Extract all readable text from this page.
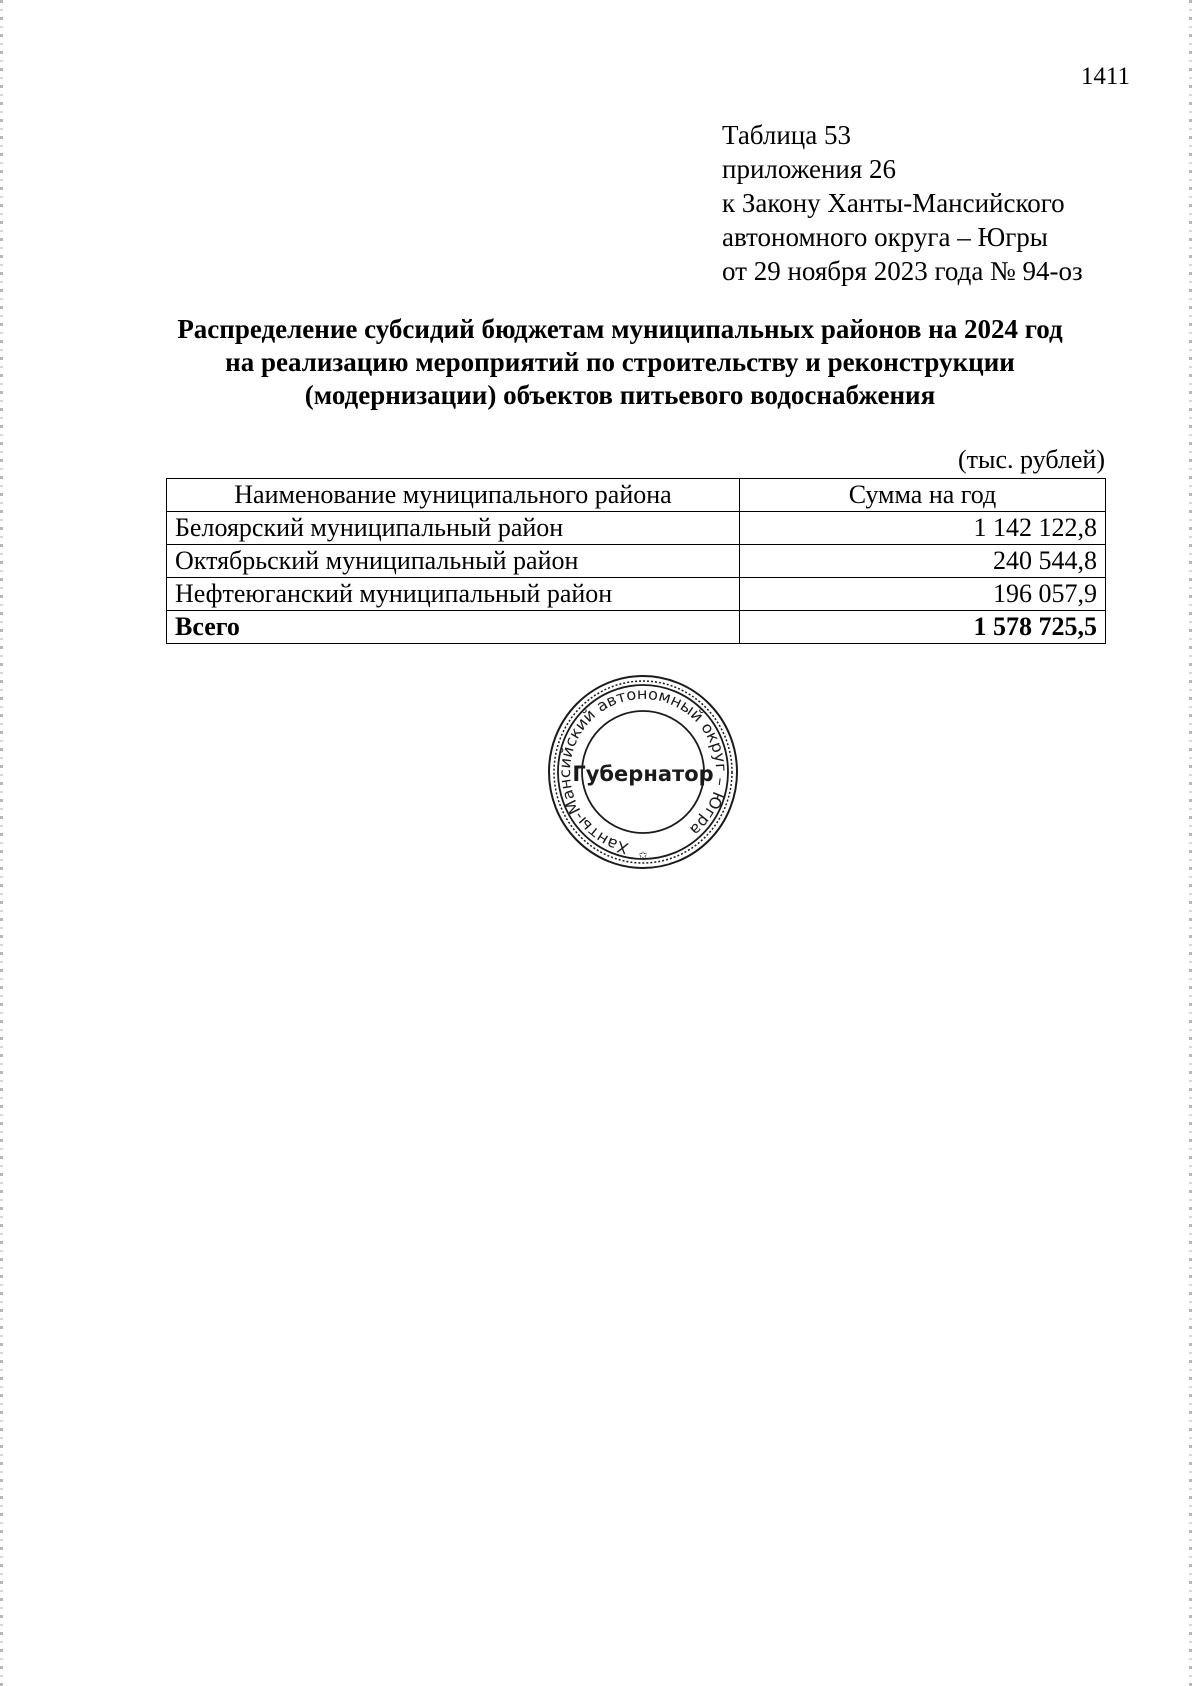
1411
Таблица 53
приложения 26
к Закону Ханты-Мансийского
автономного округа – Югры
от 29 ноября 2023 года № 94-оз
Распределение субсидий бюджетам муниципальных районов на 2024 год
на реализацию мероприятий по строительству и реконструкции
(модернизации) объектов питьевого водоснабжения
(тыс. рублей)
Наименование муниципального района	Сумма на год
Белоярский муниципальный район	1 142 122,8
Октябрьский муниципальный район	240 544,8
Нефтеюганский муниципальный район	196 057,9
Всего	1 578 725,5
Ханты-Мансийский автономный округ – Югра
Губернатор
✩
